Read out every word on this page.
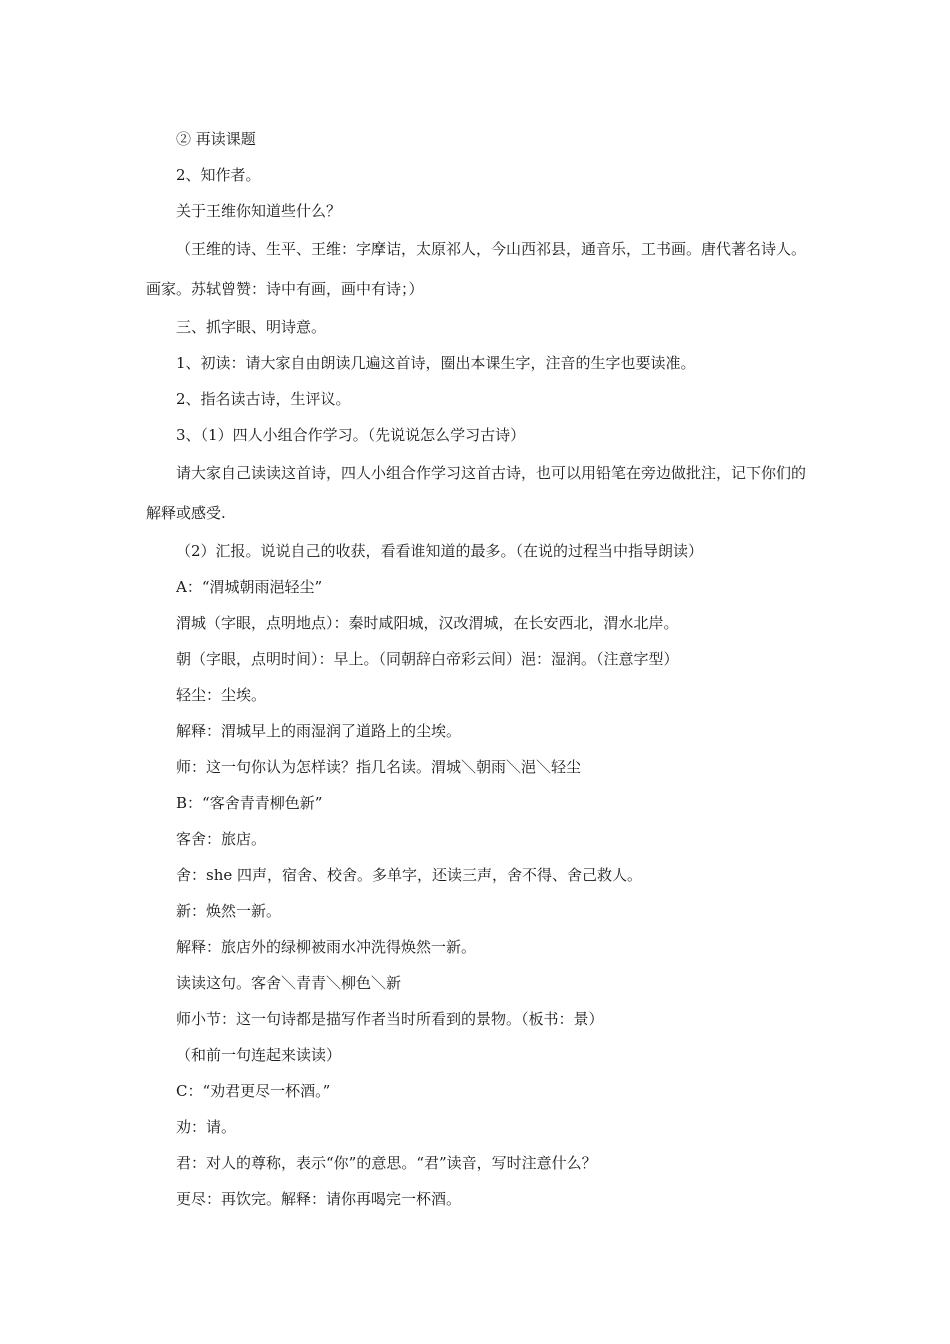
② 再读课题

2、知作者。

关于王维你知道些什么？

（王维的诗、生平、王维：字摩诘，太原祁人，今山西祁县，通音乐，工书画。唐代著名诗人。画家。苏轼曾赞：诗中有画，画中有诗；）

三、抓字眼、明诗意。

1、初读：请大家自由朗读几遍这首诗，圈出本课生字，注音的生字也要读准。

2、指名读古诗，生评议。

3、（1）四人小组合作学习。（先说说怎么学习古诗）

请大家自己读读这首诗，四人小组合作学习这首古诗，也可以用铅笔在旁边做批注，记下你们的解释或感受.

（2）汇报。说说自己的收获，看看谁知道的最多。（在说的过程当中指导朗读）

A：“渭城朝雨浥轻尘”

渭城（字眼，点明地点）：秦时咸阳城，汉改渭城，在长安西北，渭水北岸。

朝（字眼，点明时间）：早上。（同朝辞白帝彩云间）浥：湿润。（注意字型）

轻尘：尘埃。

解释：渭城早上的雨湿润了道路上的尘埃。

师：这一句你认为怎样读？指几名读。渭城＼朝雨＼浥＼轻尘

B：“客舍青青柳色新”

客舍：旅店。

舍：she 四声，宿舍、校舍。多单字，还读三声，舍不得、舍己救人。

新：焕然一新。

解释：旅店外的绿柳被雨水冲洗得焕然一新。

读读这句。客舍＼青青＼柳色＼新

师小节：这一句诗都是描写作者当时所看到的景物。（板书：景）

（和前一句连起来读读）

C：“劝君更尽一杯酒。”

劝：请。

君：对人的尊称，表示“你”的意思。“君”读音，写时注意什么？

更尽：再饮完。解释：请你再喝完一杯酒。
